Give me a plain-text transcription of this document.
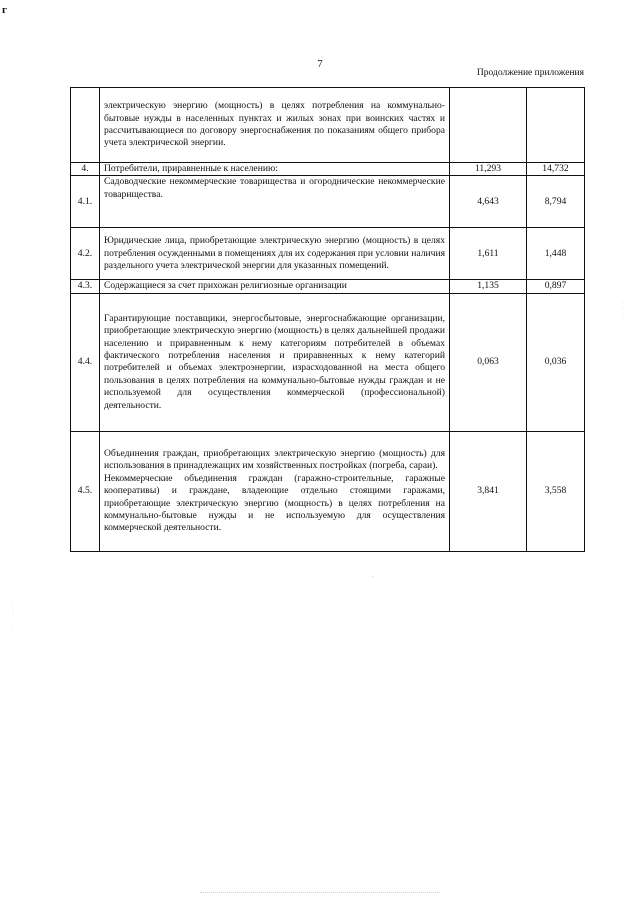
г
7
Продолжение приложения
	электрическую энергию (мощность) в целях потребления на коммунально-бытовые нужды в населенных пунктах и жилых зонах при воинских частях и рассчитывающиеся по договору энергоснабжения по показаниям общего прибора учета электрической энергии.		
4.	Потребители, приравненные к населению:	11,293	14,732
4.1.	Садоводческие некоммерческие товарищества и огороднические некоммерческие товарищества.	4,643	8,794
4.2.	Юридические лица, приобретающие электрическую энергию (мощность) в целях потребления осужденными в помещениях для их содержания при условии наличия раздельного учета электрической энергии для указанных помещений.	1,611	1,448
4.3.	Содержащиеся за счет прихожан религиозные организации	1,135	0,897
4.4.	Гарантирующие поставщики, энергосбытовые, энергоснабжающие организации, приобретающие электрическую энергию (мощность) в целях дальнейшей продажи населению и приравненным к нему категориям потребителей в объемах фактического потребления населения и приравненных к нему категорий потребителей и объемах электроэнергии, израсходованной на места общего пользования в целях потребления на коммунально-бытовые нужды граждан и не используемой для осуществления коммерческой (профессиональной) деятельности.	0,063	0,036
4.5.	Объединения граждан, приобретающих электрическую энергию (мощность) для использования в принадлежащих им хозяйственных постройках (погреба, сараи).
Некоммерческие объединения граждан (гаражно-строительные, гаражные кооперативы) и граждане, владеющие отдельно стоящими гаражами, приобретающие электрическую энергию (мощность) в целях потребления на коммунально-бытовые нужды и не используемую для осуществления коммерческой деятельности.	3,841	3,558
·
·
·
·
·
·
·
·
·
·
-
